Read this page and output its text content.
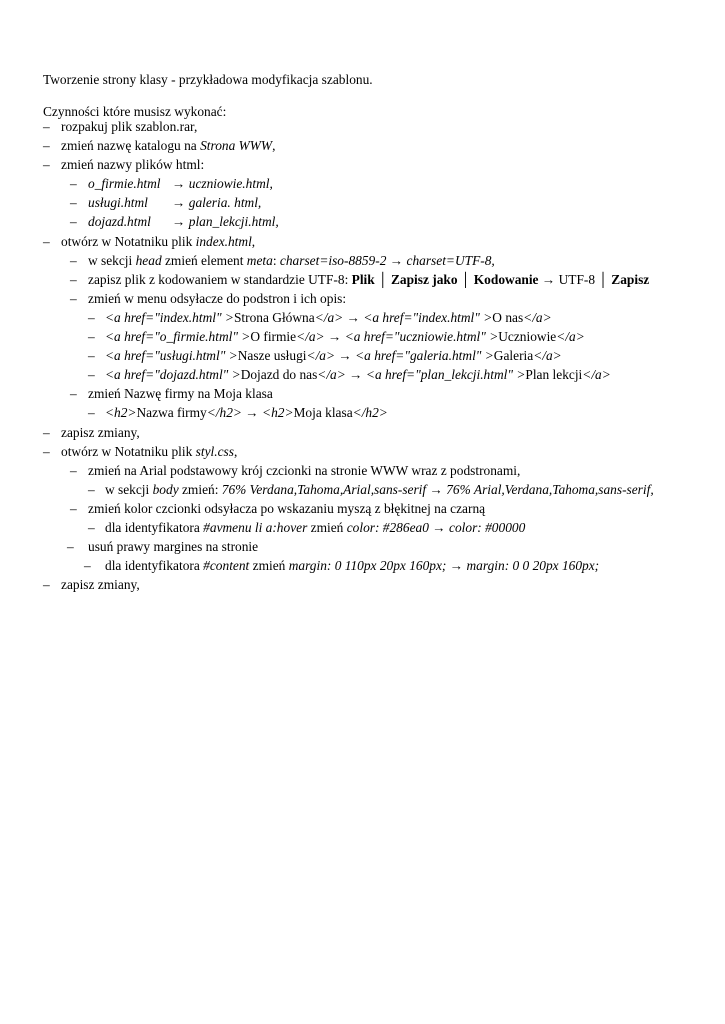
Tworzenie strony klasy - przykładowa modyfikacja szablonu.
Czynności które musisz wykonać:
– rozpakuj plik szablon.rar,
– zmień nazwę katalogu na Strona WWW,
– zmień nazwy plików html:
– o_firmie.html → uczniowie.html,
– usługi.html → galeria. html,
– dojazd.html → plan_lekcji.html,
– otwórz w Notatniku plik index.html,
– w sekcji head zmień element meta: charset=iso-8859-2 → charset=UTF-8,
– zapisz plik z kodowaniem w standardzie UTF-8: Plik │ Zapisz jako │ Kodowanie → UTF-8 │ Zapisz
– zmień w menu odsyłacze do podstron i ich opis:
– <a href="index.html" >Strona Główna</a> → <a href="index.html" >O nas</a>
– <a href="o_firmie.html" >O firmie</a> → <a href="uczniowie.html" >Uczniowie</a>
– <a href="usługi.html" >Nasze usługi</a> → <a href="galeria.html" >Galeria</a>
– <a href="dojazd.html" >Dojazd do nas</a> → <a href="plan_lekcji.html" >Plan lekcji</a>
– zmień Nazwę firmy na Moja klasa
– <h2>Nazwa firmy</h2> → <h2>Moja klasa</h2>
– zapisz zmiany,
– otwórz w Notatniku plik styl.css,
– zmień na Arial podstawowy krój czcionki na stronie WWW wraz z podstronami,
– w sekcji body zmień: 76% Verdana,Tahoma,Arial,sans-serif → 76% Arial,Verdana,Tahoma,sans-serif,
– zmień kolor czcionki odsyłacza po wskazaniu myszą z błękitnej na czarną
– dla identyfikatora #avmenu li a:hover zmień color: #286ea0 → color: #00000
– usuń prawy margines na stronie
– dla identyfikatora #content zmień margin: 0 110px 20px 160px; → margin: 0 0 20px 160px;
– zapisz zmiany,
